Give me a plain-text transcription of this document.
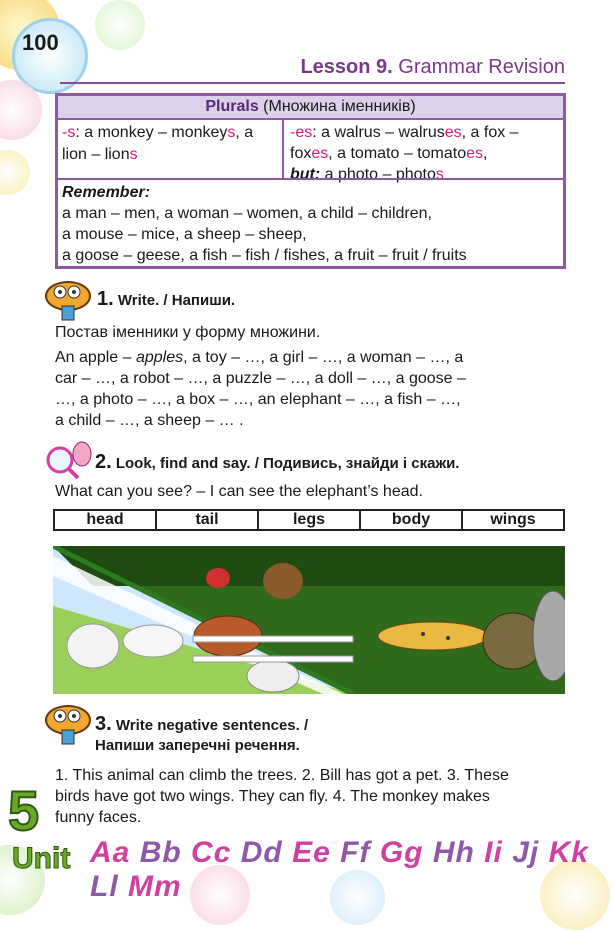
100
Lesson 9. Grammar Revision
Plurals (Множина іменників)
-s: a monkey – monkeys, a lion – lions
-es: a walrus – walruses, a fox –
foxes, a tomato – tomatoes,
but: a photo – photos
Remember:
a man – men, a woman – women, a child – children,
a mouse – mice, a sheep – sheep,
a goose – geese, a fish – fish / fishes, a fruit – fruit / fruits
1. Write. / Напиши.
Постав іменники у форму множини.
An apple – apples, a toy – …, a girl – …, a woman – …, a
car – …, a robot – …, a puzzle – …, a doll – …, a goose –
…, a photo – …, a box – …, an elephant – …, a fish – …,
a child – …, a sheep – … .
2. Look, find and say. / Подивись, знайди і скажи.
What can you see? – I can see the elephant’s head.
head	tail	legs	body	wings
3. Write negative sentences. /
Напиши заперечні речення.
5
1. This animal can climb the trees. 2. Bill has got a pet. 3. These
birds have got two wings. They can fly. 4. The monkey makes
funny faces.
Unit Aa Bb Cc Dd Ee Ff Gg Hh Ii Jj Kk Ll Mm
